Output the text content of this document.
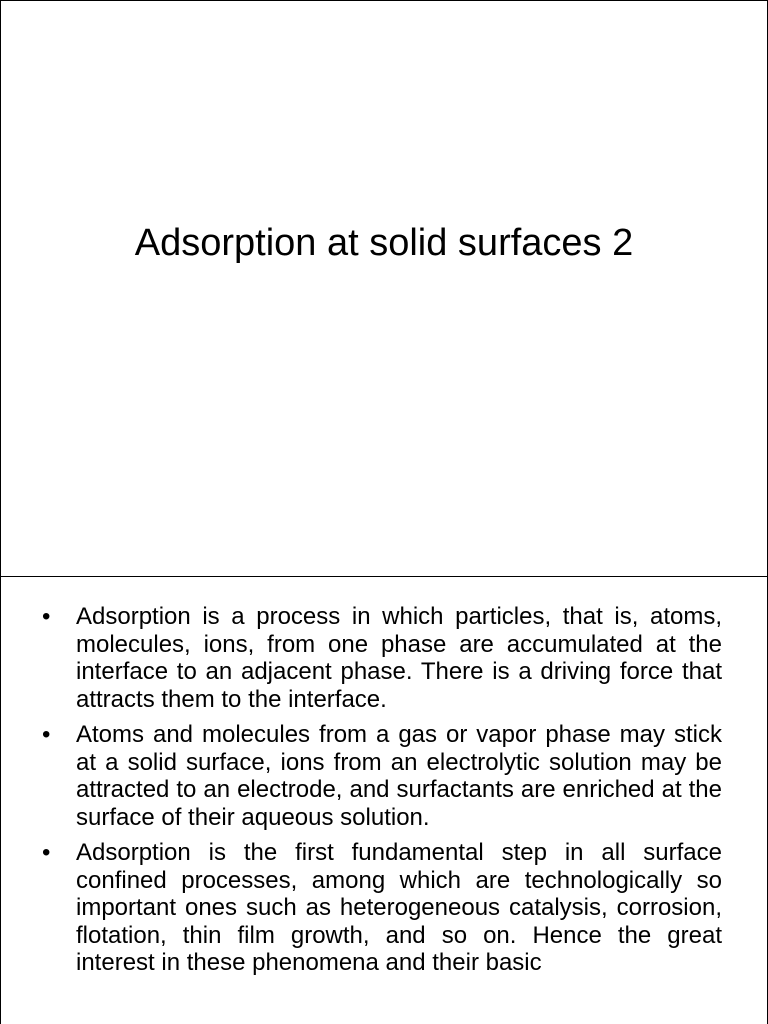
Adsorption at solid surfaces 2
•	Adsorption is a process in which particles, that is, atoms, molecules, ions, from one phase are accumulated at the interface to an adjacent phase. There is a driving force that attracts them to the interface.
•	Atoms and molecules from a gas or vapor phase may stick at a solid surface, ions from an electrolytic solution may be attracted to an electrode, and surfactants are enriched at the surface of their aqueous solution.
•	Adsorption is the first fundamental step in all surface confined processes, among which are technologically so important ones such as heterogeneous catalysis, corrosion, flotation, thin film growth, and so on. Hence the great interest in these phenomena and their basic
